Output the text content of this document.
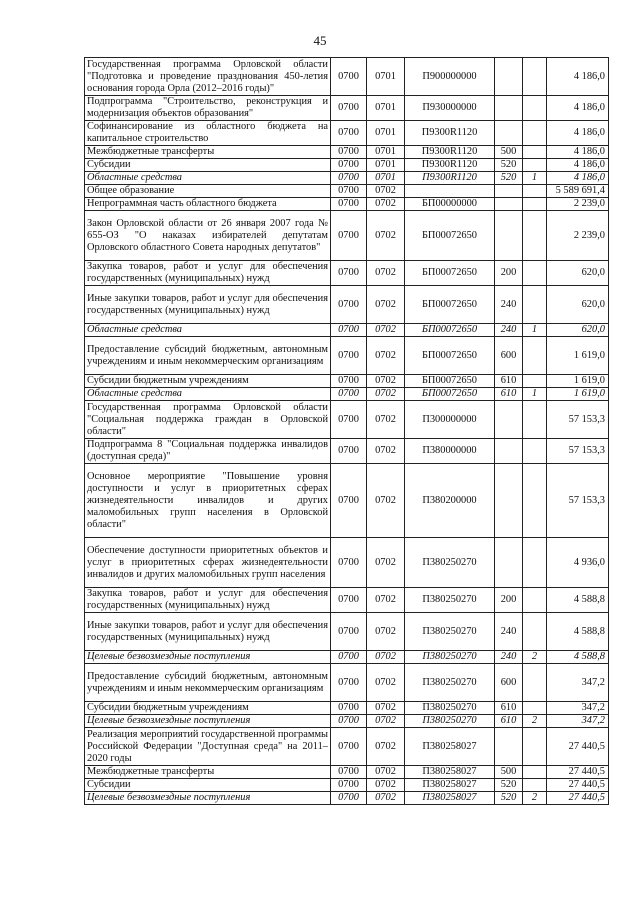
45
Государственная программа Орловской области "Подготовка и проведение празднования 450-летия основания города Орла (2012–2016 годы)"	0700	0701	П900000000			4 186,0
Подпрограмма "Строительство, реконструкция и модернизация объектов образования"	0700	0701	П930000000			4 186,0
Софинансирование из областного бюджета на капитальное строительство	0700	0701	П9300R1120			4 186,0
Межбюджетные трансферты	0700	0701	П9300R1120	500		4 186,0
Субсидии	0700	0701	П9300R1120	520		4 186,0
Областные средства	0700	0701	П9300R1120	520	1	4 186,0
Общее образование	0700	0702				5 589 691,4
Непрограммная часть областного бюджета	0700	0702	БП00000000			2 239,0
Закон Орловской области от 26 января 2007 года № 655-ОЗ "О наказах избирателей депутатам Орловского областного Совета народных депутатов"	0700	0702	БП00072650			2 239,0
Закупка товаров, работ и услуг для обеспечения государственных (муниципальных) нужд	0700	0702	БП00072650	200		620,0
Иные закупки товаров, работ и услуг для обеспечения государственных (муниципальных) нужд	0700	0702	БП00072650	240		620,0
Областные средства	0700	0702	БП00072650	240	1	620,0
Предоставление субсидий бюджетным, автономным учреждениям и иным некоммерческим организациям	0700	0702	БП00072650	600		1 619,0
Субсидии бюджетным учреждениям	0700	0702	БП00072650	610		1 619,0
Областные средства	0700	0702	БП00072650	610	1	1 619,0
Государственная программа Орловской области "Социальная поддержка граждан в Орловской области"	0700	0702	П300000000			57 153,3
Подпрограмма 8 "Социальная поддержка инвалидов (доступная среда)"	0700	0702	П380000000			57 153,3
Основное мероприятие "Повышение уровня доступности и услуг в приоритетных сферах жизнедеятельности инвалидов и других маломобильных групп населения в Орловской области"	0700	0702	П380200000			57 153,3
Обеспечение доступности приоритетных объектов и услуг в приоритетных сферах жизнедеятельности инвалидов и других маломобильных групп населения	0700	0702	П380250270			4 936,0
Закупка товаров, работ и услуг для обеспечения государственных (муниципальных) нужд	0700	0702	П380250270	200		4 588,8
Иные закупки товаров, работ и услуг для обеспечения государственных (муниципальных) нужд	0700	0702	П380250270	240		4 588,8
Целевые безвозмездные поступления	0700	0702	П380250270	240	2	4 588,8
Предоставление субсидий бюджетным, автономным учреждениям и иным некоммерческим организациям	0700	0702	П380250270	600		347,2
Субсидии бюджетным учреждениям	0700	0702	П380250270	610		347,2
Целевые безвозмездные поступления	0700	0702	П380250270	610	2	347,2
Реализация мероприятий государственной программы Российской Федерации "Доступная среда" на 2011–2020 годы	0700	0702	П380258027			27 440,5
Межбюджетные трансферты	0700	0702	П380258027	500		27 440,5
Субсидии	0700	0702	П380258027	520		27 440,5
Целевые безвозмездные поступления	0700	0702	П380258027	520	2	27 440,5
